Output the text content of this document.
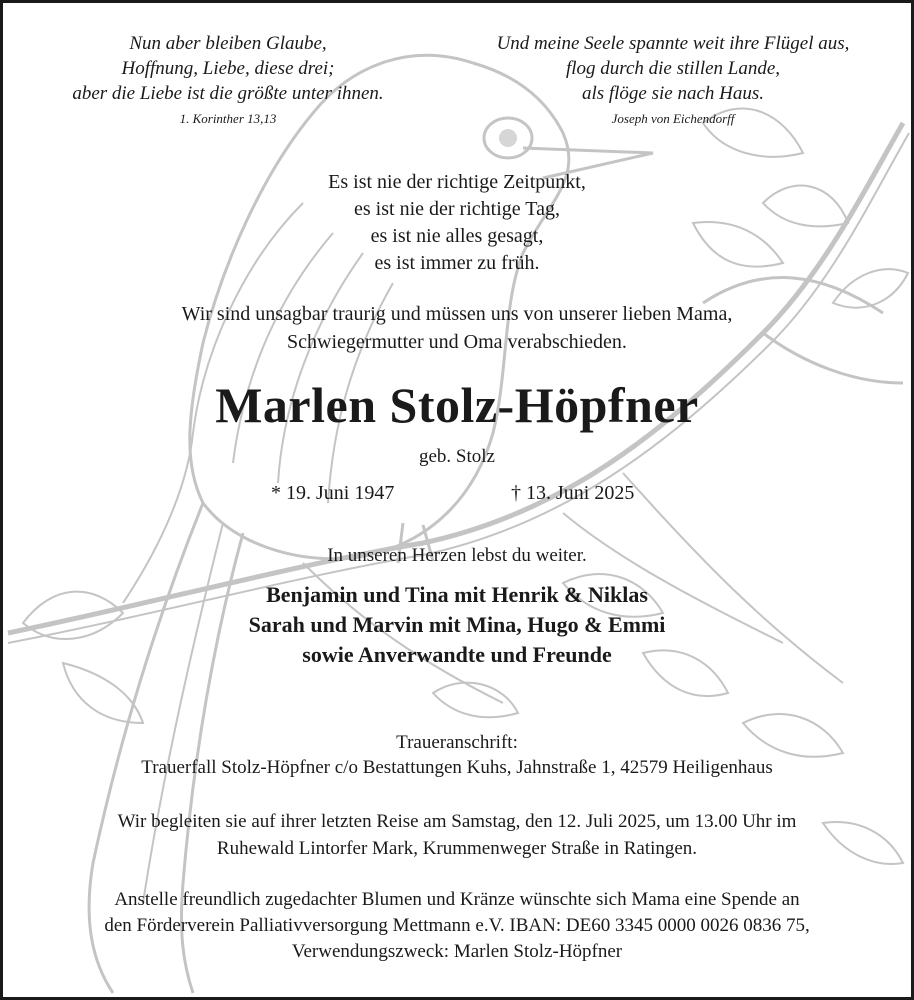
Nun aber bleiben Glaube,
Hoffnung, Liebe, diese drei;
aber die Liebe ist die größte unter ihnen.
1. Korinther 13,13
Und meine Seele spannte weit ihre Flügel aus,
flog durch die stillen Lande,
als flöge sie nach Haus.
Joseph von Eichendorff
Es ist nie der richtige Zeitpunkt,
es ist nie der richtige Tag,
es ist nie alles gesagt,
es ist immer zu früh.
Wir sind unsagbar traurig und müssen uns von unserer lieben Mama,
Schwiegermutter und Oma verabschieden.
Marlen Stolz-Höpfner
geb. Stolz
* 19. Juni 1947	† 13. Juni 2025
In unseren Herzen lebst du weiter.
Benjamin und Tina mit Henrik & Niklas
Sarah und Marvin mit Mina, Hugo & Emmi
sowie Anverwandte und Freunde
Traueranschrift:
Trauerfall Stolz-Höpfner c/o Bestattungen Kuhs, Jahnstraße 1, 42579 Heiligenhaus
Wir begleiten sie auf ihrer letzten Reise am Samstag, den 12. Juli 2025, um 13.00 Uhr im
Ruhewald Lintorfer Mark, Krummenweger Straße in Ratingen.
Anstelle freundlich zugedachter Blumen und Kränze wünschte sich Mama eine Spende an
den Förderverein Palliativversorgung Mettmann e.V. IBAN: DE60 3345 0000 0026 0836 75,
Verwendungszweck: Marlen Stolz-Höpfner
